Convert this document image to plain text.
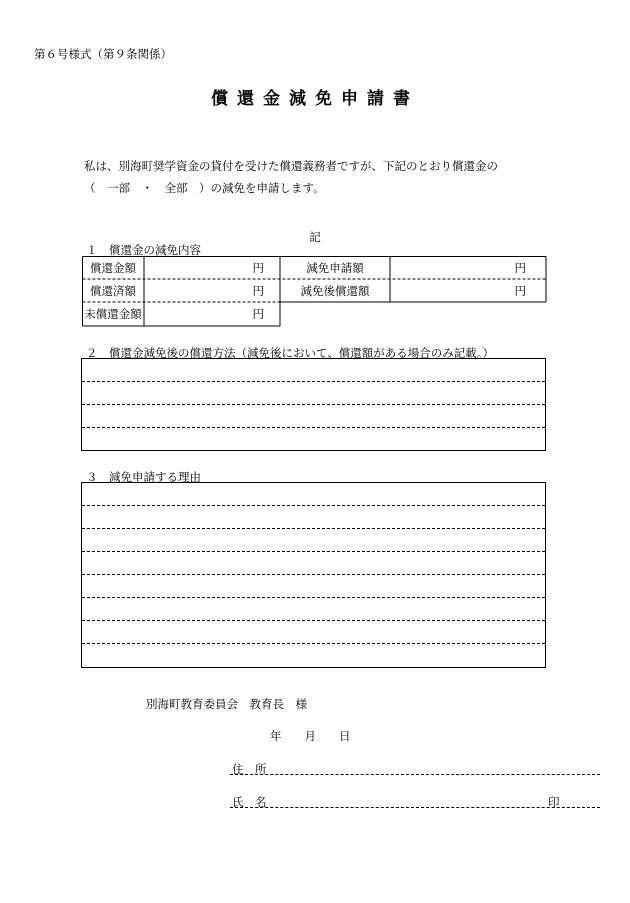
第６号様式（第９条関係）
償還金減免申請書
私は、別海町奨学資金の貸付を受けた償還義務者ですが、下記のとおり償還金の
（　一部　・　全部　）の減免を申請します。
記
１　償還金の減免内容
償還金額	円	減免申請額	円
償還済額	円	減免後償還額	円
未償還金額	円
２　償還金減免後の償還方法（減免後において、償還額がある場合のみ記載。）
３　減免申請する理由
別海町教育委員会　教育長　様
年　　月　　日
住　所
氏　名	印
